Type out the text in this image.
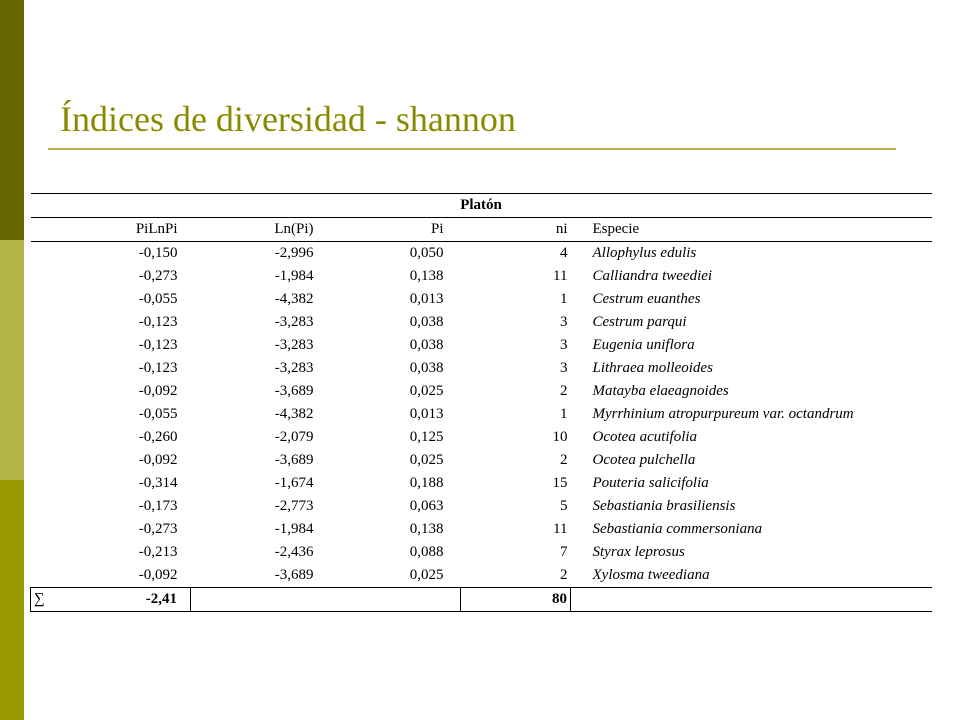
Índices de diversidad - shannon
Platón					
	PiLnPi	Ln(Pi)	Pi	ni	Especie
	-0,150	-2,996	0,050	4	Allophylus edulis
	-0,273	-1,984	0,138	11	Calliandra tweediei
	-0,055	-4,382	0,013	1	Cestrum euanthes
	-0,123	-3,283	0,038	3	Cestrum parqui
	-0,123	-3,283	0,038	3	Eugenia uniflora
	-0,123	-3,283	0,038	3	Lithraea molleoides
	-0,092	-3,689	0,025	2	Matayba elaeagnoides
	-0,055	-4,382	0,013	1	Myrrhinium atropurpureum var. octandrum
	-0,260	-2,079	0,125	10	Ocotea acutifolia
	-0,092	-3,689	0,025	2	Ocotea pulchella
	-0,314	-1,674	0,188	15	Pouteria salicifolia
	-0,173	-2,773	0,063	5	Sebastiania brasiliensis
	-0,273	-1,984	0,138	11	Sebastiania commersoniana
	-0,213	-2,436	0,088	7	Styrax leprosus
	-0,092	-3,689	0,025	2	Xylosma tweediana
∑	-2,41			80	
